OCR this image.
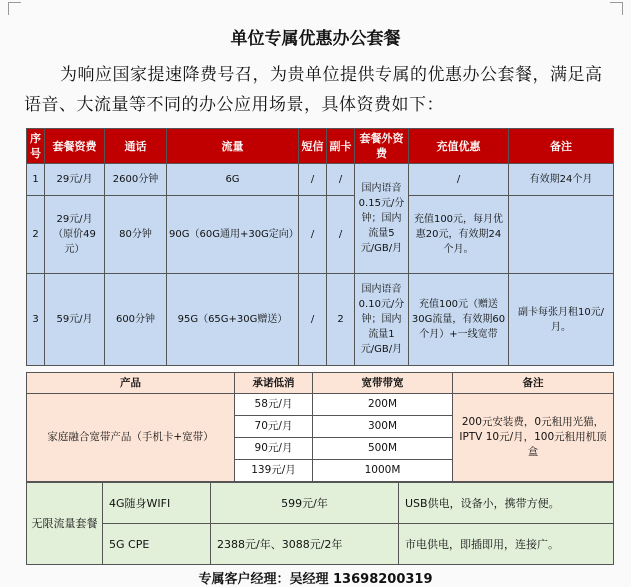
单位专属优惠办公套餐
为响应国家提速降费号召，为贵单位提供专属的优惠办公套餐，满足高语音、大流量等不同的办公应用场景，具体资费如下：
序号	套餐资费	通话	流量	短信	副卡	套餐外资费	充值优惠	备注
1	29元/月	2600分钟	6G	/	/	国内语音0.15元/分钟；国内流量5元/GB/月	/	有效期24个月
2	29元/月（原价49元）	80分钟	90G（60G通用+30G定向）	/	/		充值100元，每月优惠20元，有效期24个月。	
3	59元/月	600分钟	95G（65G+30G赠送）	/	2	国内语音0.10元/分钟；国内流量1元/GB/月	充值100元（赠送30G流量，有效期60个月）+一线宽带	副卡每张月租10元/月。
产品	承诺低消	宽带带宽	备注
家庭融合宽带产品（手机卡+宽带）	58元/月	200M	200元安装费，0元租用光猫，IPTV 10元/月，100元租用机顶盒
	70元/月	300M	
	90元/月	500M	
	139元/月	1000M	
无限流量套餐	4G随身WIFI	599元/年	USB供电，设备小，携带方便。
	5G CPE	2388元/年、3088元/2年	市电供电，即插即用，连接广。
专属客户经理：吴经理 13698200319
